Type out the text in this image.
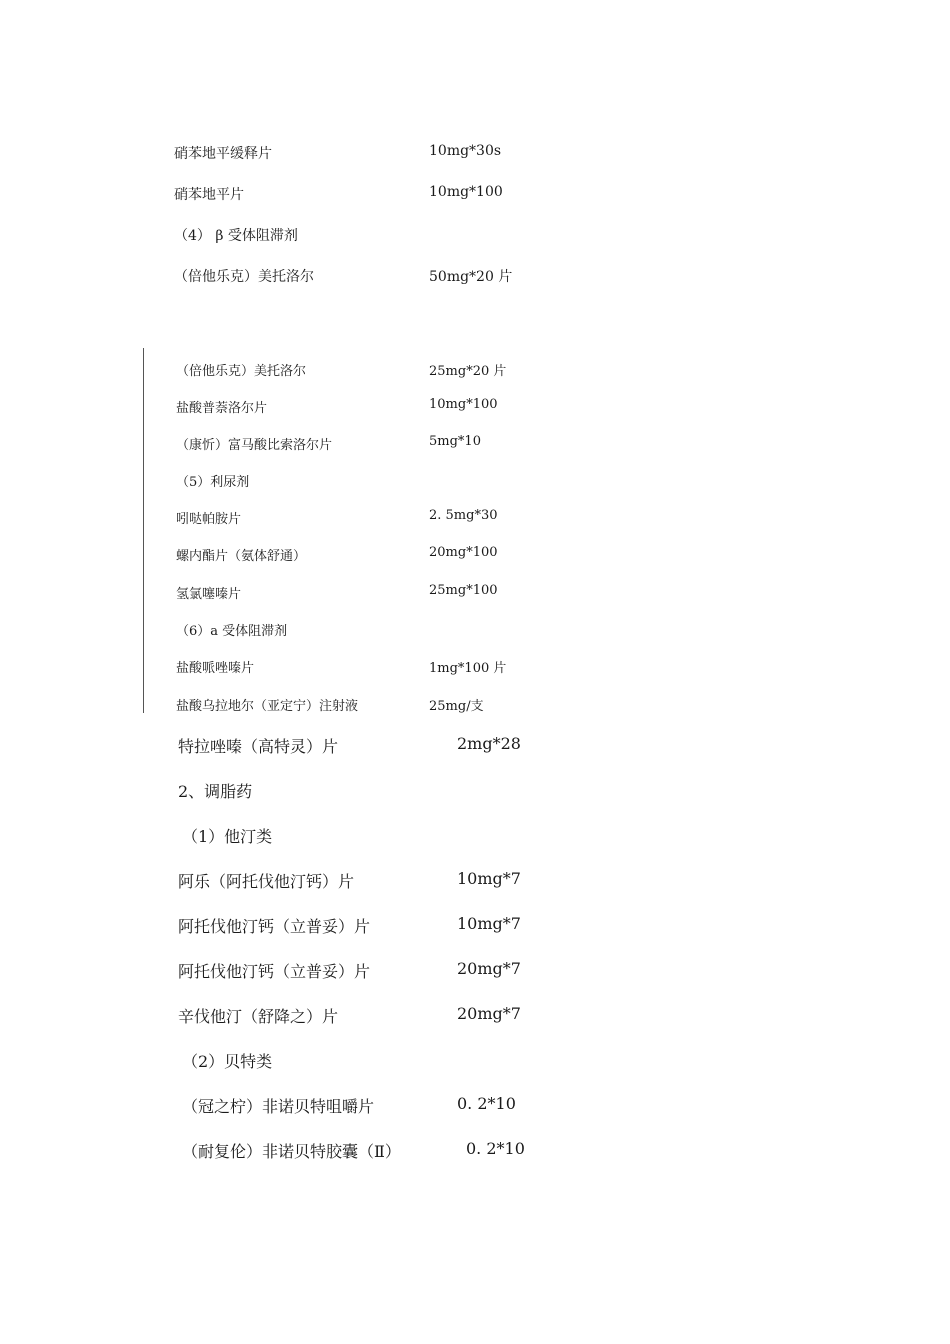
硝苯地平缓释片	10mg*30s
硝苯地平片	10mg*100
（4） β 受体阻滞剂
（倍他乐克）美托洛尔	50mg*20 片
（倍他乐克）美托洛尔	25mg*20 片
盐酸普萘洛尔片	10mg*100
（康忻）富马酸比索洛尔片	5mg*10
（5）利尿剂
吲哒帕胺片	2. 5mg*30
螺内酯片（氨体舒通）	20mg*100
氢氯噻嗪片	25mg*100
（6）a 受体阻滞剂
盐酸哌唑嗪片	1mg*100 片
盐酸乌拉地尔（亚定宁）注射液	25mg/支
特拉唑嗪（高特灵）片	2mg*28
2、调脂药
（1）他汀类
阿乐（阿托伐他汀钙）片	10mg*7
阿托伐他汀钙（立普妥）片	10mg*7
阿托伐他汀钙（立普妥）片	20mg*7
辛伐他汀（舒降之）片	20mg*7
（2）贝特类
（冠之柠）非诺贝特咀嚼片	0. 2*10
（耐复伦）非诺贝特胶囊（Ⅱ）	0. 2*10
